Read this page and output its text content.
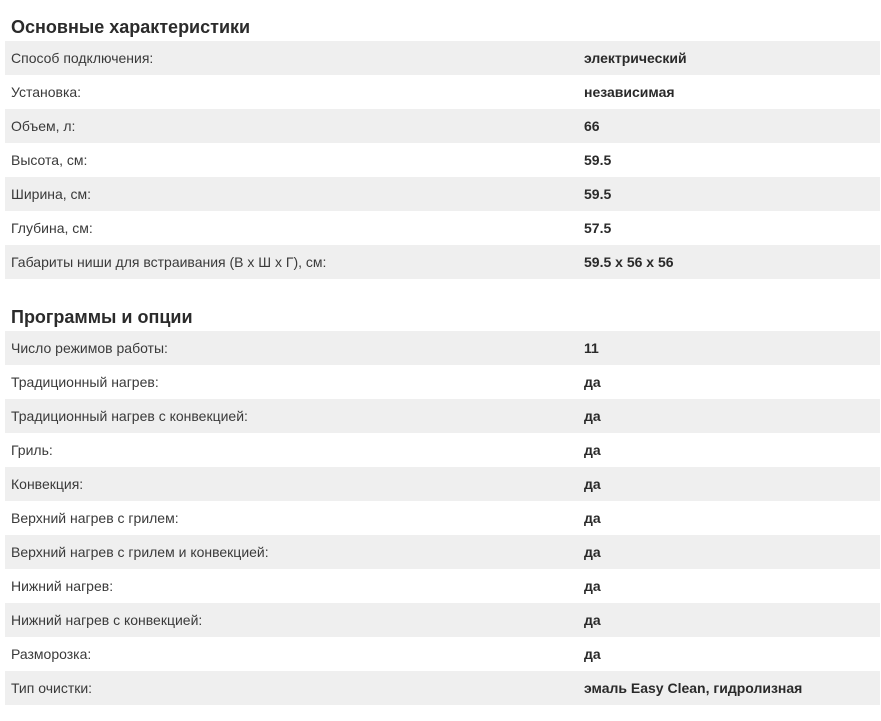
Основные характеристики
Способ подключения:	электрический
Установка:	независимая
Объем, л:	66
Высота, см:	59.5
Ширина, см:	59.5
Глубина, см:	57.5
Габариты ниши для встраивания (В x Ш x Г), см:	59.5 x 56 x 56
Программы и опции
Число режимов работы:	11
Традиционный нагрев:	да
Традиционный нагрев с конвекцией:	да
Гриль:	да
Конвекция:	да
Верхний нагрев с грилем:	да
Верхний нагрев с грилем и конвекцией:	да
Нижний нагрев:	да
Нижний нагрев с конвекцией:	да
Разморозка:	да
Тип очистки:	эмаль Easy Clean, гидролизная
